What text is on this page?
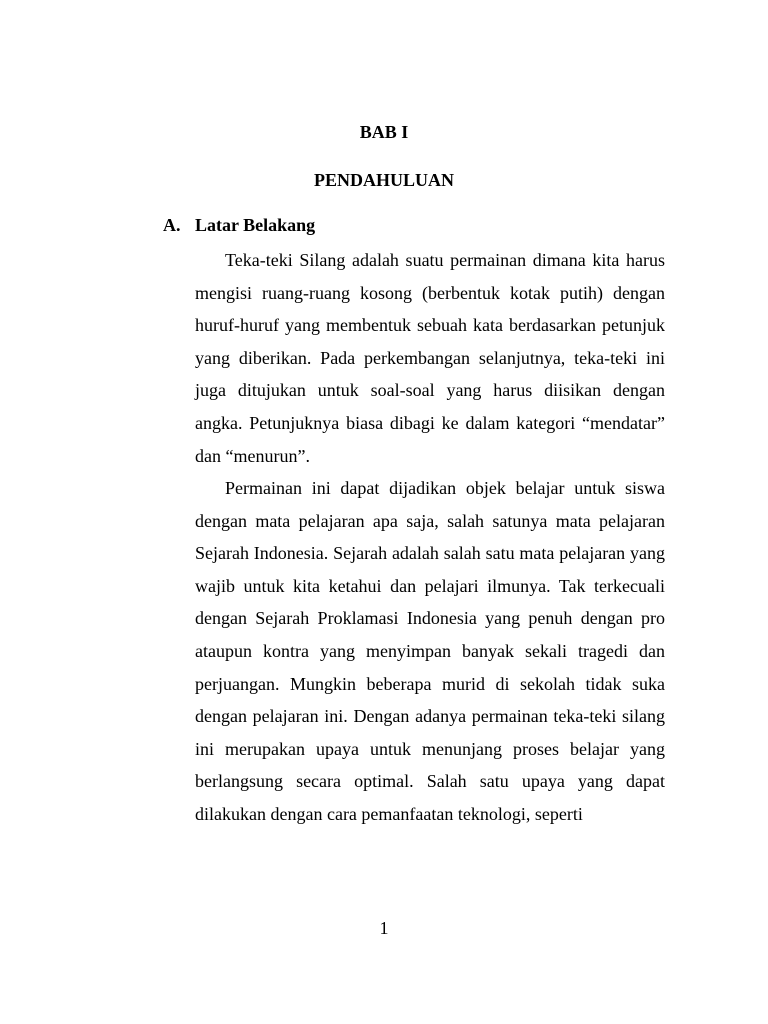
BAB I
PENDAHULUAN
A. Latar Belakang

Teka-teki Silang adalah suatu permainan dimana kita harus mengisi ruang-ruang kosong (berbentuk kotak putih) dengan huruf-huruf yang membentuk sebuah kata berdasarkan petunjuk yang diberikan. Pada perkembangan selanjutnya, teka-teki ini juga ditujukan untuk soal-soal yang harus diisikan dengan angka. Petunjuknya biasa dibagi ke dalam kategori “mendatar” dan “menurun”.

Permainan ini dapat dijadikan objek belajar untuk siswa dengan mata pelajaran apa saja, salah satunya mata pelajaran Sejarah Indonesia. Sejarah adalah salah satu mata pelajaran yang wajib untuk kita ketahui dan pelajari ilmunya. Tak terkecuali dengan Sejarah Proklamasi Indonesia yang penuh dengan pro ataupun kontra yang menyimpan banyak sekali tragedi dan perjuangan. Mungkin beberapa murid di sekolah tidak suka dengan pelajaran ini. Dengan adanya permainan teka-teki silang ini merupakan upaya untuk menunjang proses belajar yang berlangsung secara optimal. Salah satu upaya yang dapat dilakukan dengan cara pemanfaatan teknologi, seperti

1
